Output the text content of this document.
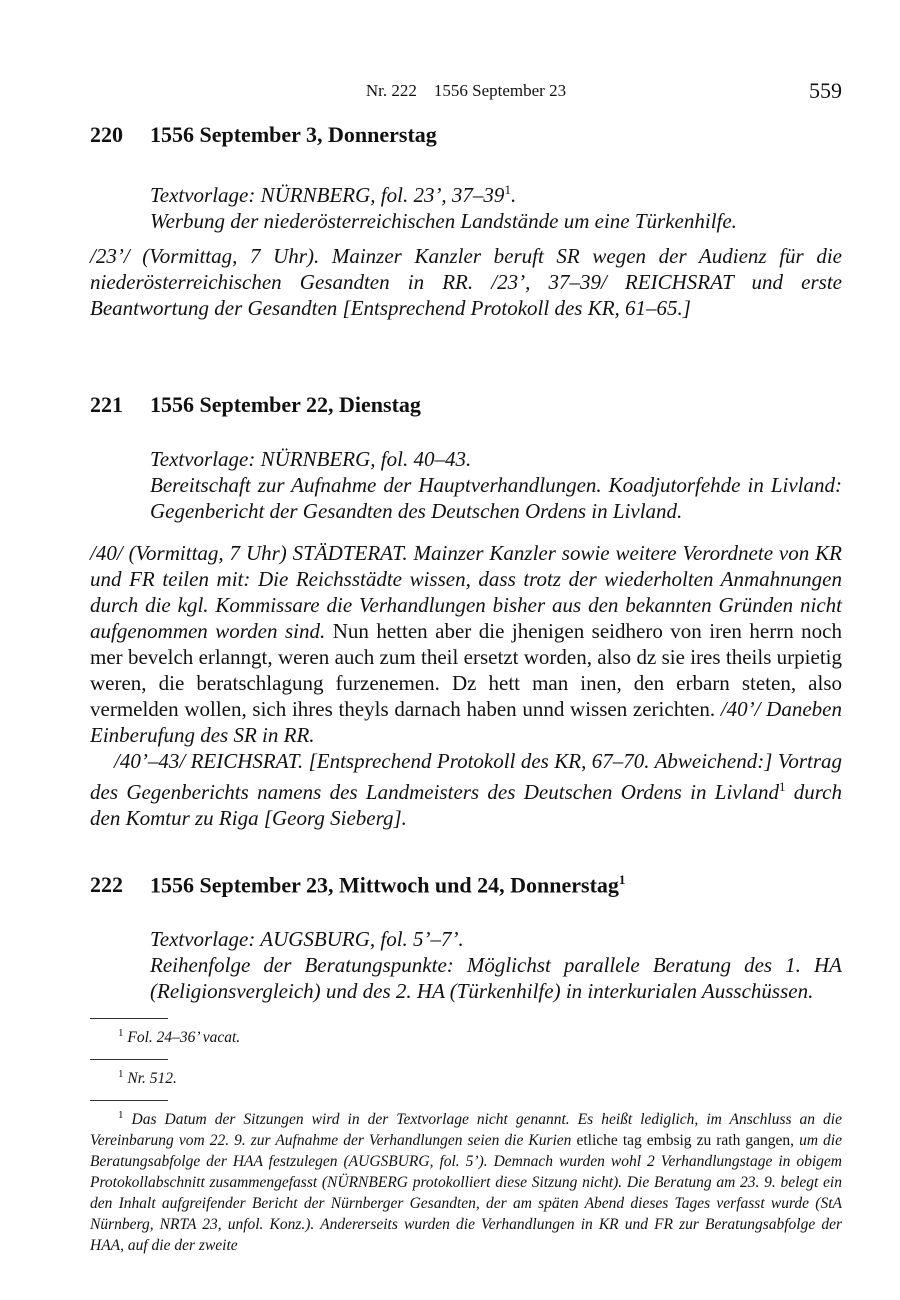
Nr. 222    1556 September 23	559
220 1556 September 3, Donnerstag
Textvorlage: NÜRNBERG, fol. 23’, $37-39^1$.
Werbung der niederösterreichischen Landstände um eine Türkenhilfe.

/23’/ (Vormittag, 7 Uhr). Mainzer Kanzler beruft SR wegen der Audienz für die niederösterreichischen Gesandten in RR. /23’, 37–39/ REICHSRAT und erste Beantwortung der Gesandten [Entsprechend Protokoll des KR, 61–65.]

221 1556 September 22, Dienstag
Textvorlage: NÜRNBERG, fol. 40–43.
Bereitschaft zur Aufnahme der Hauptverhandlungen. Koadjutorfehde in Livland: Gegenbericht der Gesandten des Deutschen Ordens in Livland.

/40/ (Vormittag, 7 Uhr) STÄDTERAT. Mainzer Kanzler sowie weitere Verordnete von KR und FR teilen mit: Die Reichsstädte wissen, dass trotz der wiederholten Anmahnungen durch die kgl. Kommissare die Verhandlungen bisher aus den bekannten Gründen nicht aufgenommen worden sind. Nun hetten aber die jhenigen seidhero von iren herrn noch mer bevelch erlanngt, weren auch zum theil ersetzt worden, also dz sie ires theils urpietig weren, die beratschlagung furzenemen. Dz hett man inen, den erbarn steten, also vermelden wollen, sich ihres theyls darnach haben unnd wissen zerichten. /40’/ Daneben Einberufung des SR in RR.

/40’–43/ REICHSRAT. [Entsprechend Protokoll des KR, 67–70. Abweichend:] Vortrag des Gegenberichts namens des Landmeisters des Deutschen Ordens in Livland$^1$ durch den Komtur zu Riga [Georg Sieberg].

222 1556 September 23, Mittwoch und 24, Donnerstag$^1$
Textvorlage: AUGSBURG, fol. 5’–7’.
Reihenfolge der Beratungspunkte: Möglichst parallele Beratung des 1. HA (Religionsvergleich) und des 2. HA (Türkenhilfe) in interkurialen Ausschüssen.
$^1$ Fol. 24–36’ vacat.
$^1$ Nr. 512.
$^1$ Das Datum der Sitzungen wird in der Textvorlage nicht genannt. Es heißt lediglich, im Anschluss an die Vereinbarung vom 22. 9. zur Aufnahme der Verhandlungen seien die Kurien etliche tag embsig zu rath gangen, um die Beratungsabfolge der HAA festzulegen (AUGSBURG, fol. 5’). Demnach wurden wohl 2 Verhandlungstage in obigem Protokollabschnitt zusammengefasst (NÜRNBERG protokolliert diese Sitzung nicht). Die Beratung am 23. 9. belegt ein den Inhalt aufgreifender Bericht der Nürnberger Gesandten, der am späten Abend dieses Tages verfasst wurde (StA Nürnberg, NRTA 23, unfol. Konz.). Andererseits wurden die Verhandlungen in KR und FR zur Beratungsabfolge der HAA, auf die der zweite
